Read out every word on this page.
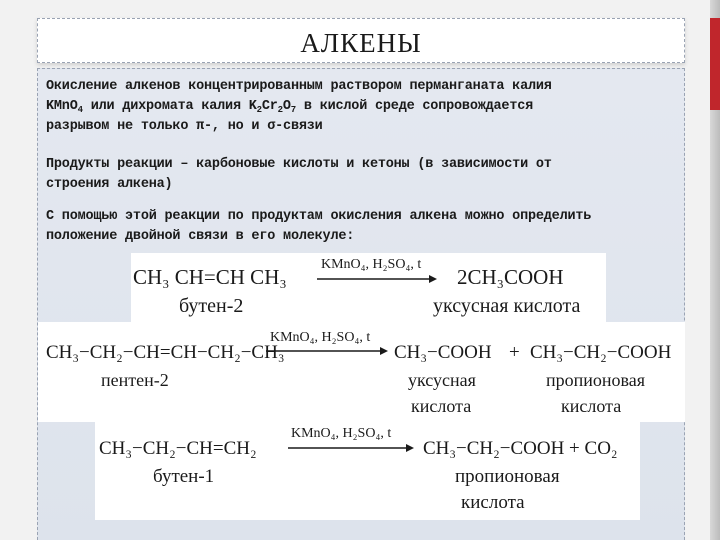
АЛКЕНЫ
Окисление алкенов концентрированным раствором перманганата калия
KMnO$_4$ или дихромата калия $K_2Cr_2O_7$ в кислой среде сопровождается
разрывом не только π-, но и σ-связи
Продукты реакции – карбоновые кислоты и кетоны (в зависимости от
строения алкена)
С помощью этой реакции по продуктам окисления алкена можно определить
положение двойной связи в его молекуле:
CH₃ CH=CH CH₃
KMnO₄, H₂SO₄, t
2CH₃COOH
бутен-2	уксусная кислота
CH₃−CH₂−CH=CH−CH₂−CH₃
KMnO₄, H₂SO₄, t
CH₃−COOH + CH₃−CH₂−COOH
пентен-2	уксусная
кислота
пропионовая
кислота
CH₃−CH₂−CH=CH₂
KMnO₄, H₂SO₄, t
CH₃−CH₂−COOH + CO₂
бутен-1	пропионовая
кислота
